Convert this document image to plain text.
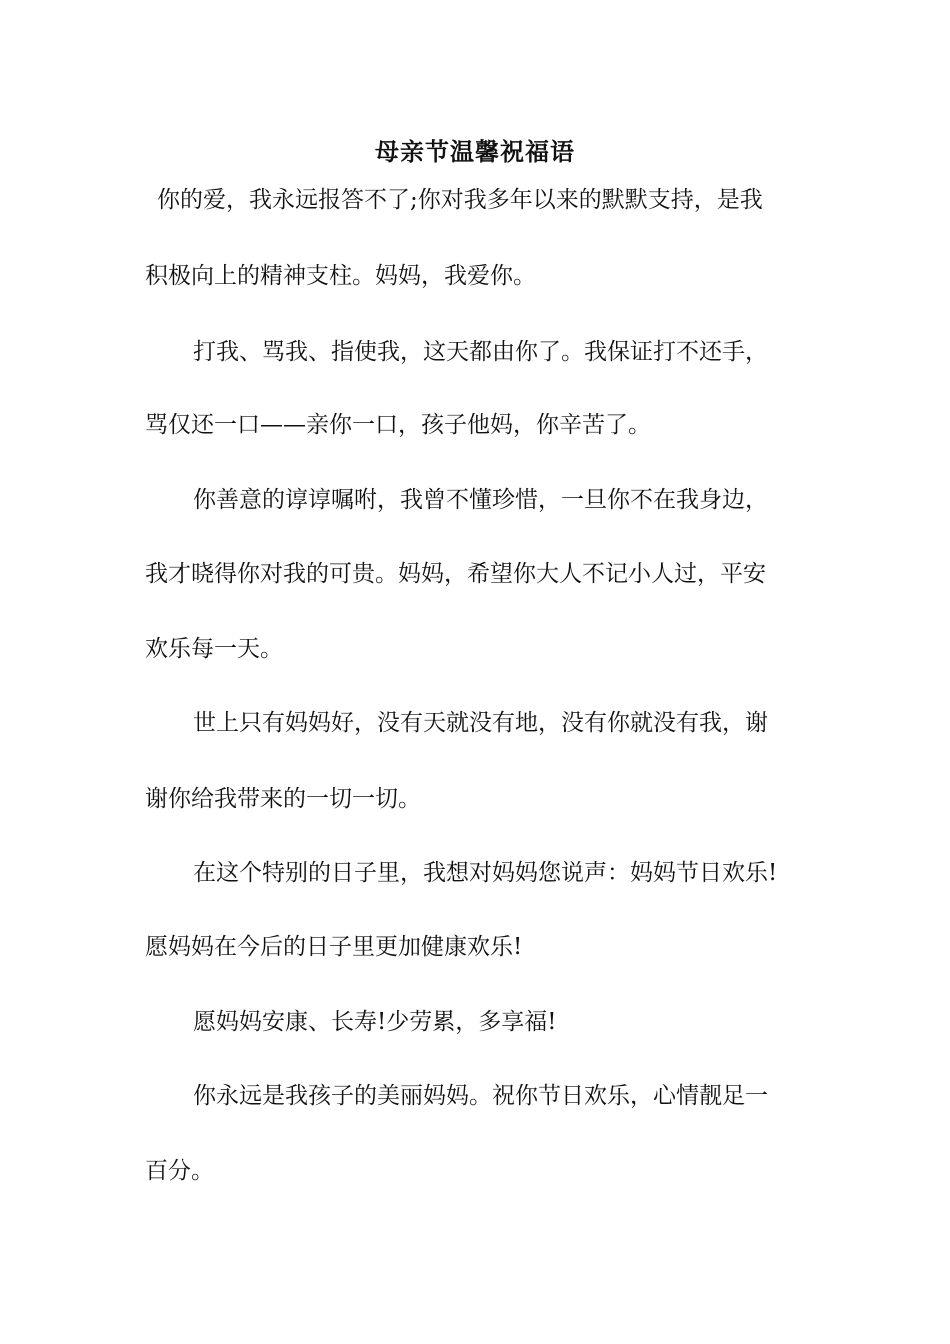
母亲节温馨祝福语
你的爱，我永远报答不了;你对我多年以来的默默支持，是我
积极向上的精神支柱。妈妈，我爱你。
打我、骂我、指使我，这天都由你了。我保证打不还手，
骂仅还一口——亲你一口，孩子他妈，你辛苦了。
你善意的谆谆嘱咐，我曾不懂珍惜，一旦你不在我身边，
我才晓得你对我的可贵。妈妈，希望你大人不记小人过，平安
欢乐每一天。
世上只有妈妈好，没有天就没有地，没有你就没有我，谢
谢你给我带来的一切一切。
在这个特别的日子里，我想对妈妈您说声：妈妈节日欢乐!
愿妈妈在今后的日子里更加健康欢乐!
愿妈妈安康、长寿!少劳累，多享福!
你永远是我孩子的美丽妈妈。祝你节日欢乐，心情靓足一
百分。
